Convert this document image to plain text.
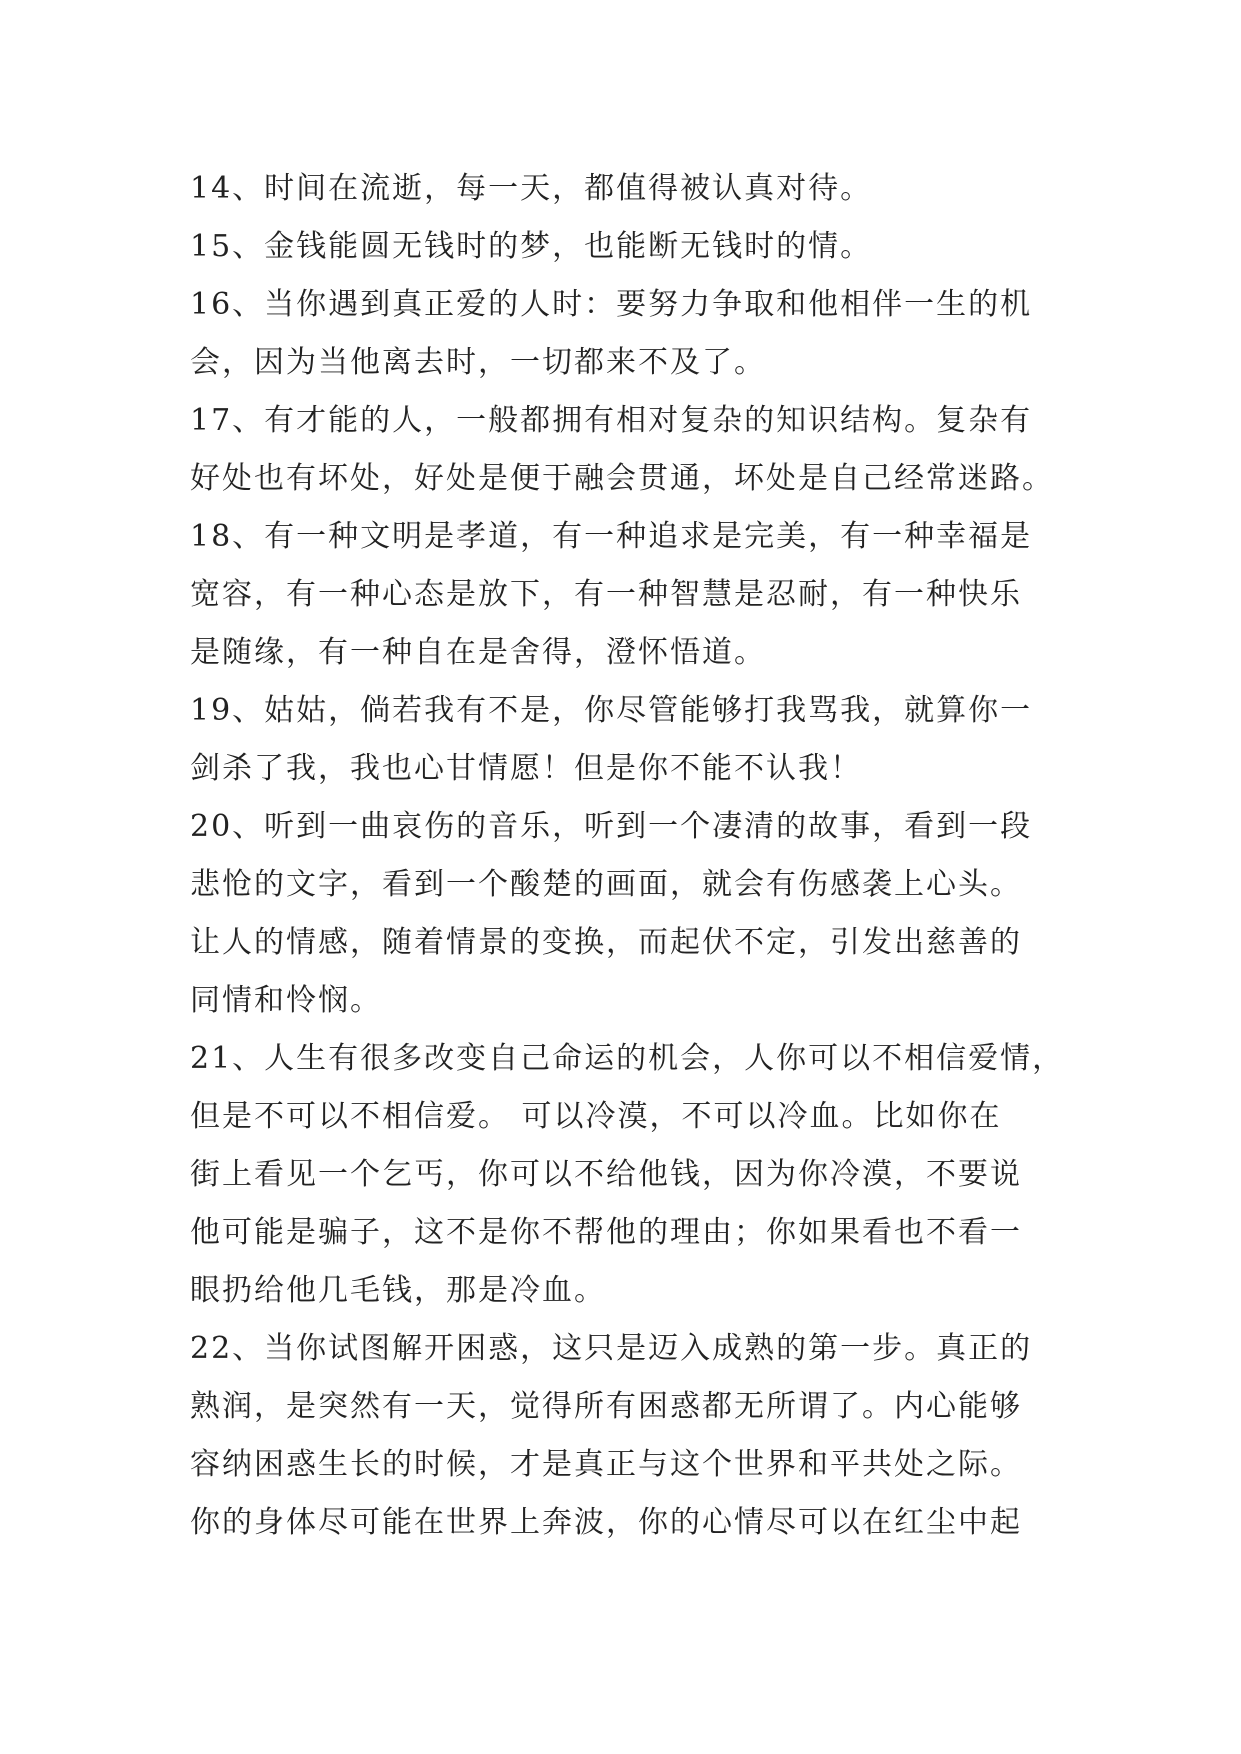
14、时间在流逝，每一天，都值得被认真对待。
15、金钱能圆无钱时的梦，也能断无钱时的情。
16、当你遇到真正爱的人时：要努力争取和他相伴一生的机
会，因为当他离去时，一切都来不及了。
17、有才能的人，一般都拥有相对复杂的知识结构。复杂有
好处也有坏处，好处是便于融会贯通，坏处是自己经常迷路。
18、有一种文明是孝道，有一种追求是完美，有一种幸福是
宽容，有一种心态是放下，有一种智慧是忍耐，有一种快乐
是随缘，有一种自在是舍得，澄怀悟道。
19、姑姑，倘若我有不是，你尽管能够打我骂我，就算你一
剑杀了我，我也心甘情愿！但是你不能不认我！
20、听到一曲哀伤的音乐，听到一个凄清的故事，看到一段
悲怆的文字，看到一个酸楚的画面，就会有伤感袭上心头。
让人的情感，随着情景的变换，而起伏不定，引发出慈善的
同情和怜悯。
21、人生有很多改变自己命运的机会，人你可以不相信爱情，
但是不可以不相信爱。 可以冷漠，不可以冷血。比如你在
街上看见一个乞丐，你可以不给他钱，因为你冷漠，不要说
他可能是骗子，这不是你不帮他的理由；你如果看也不看一
眼扔给他几毛钱，那是冷血。
22、当你试图解开困惑，这只是迈入成熟的第一步。真正的
熟润，是突然有一天，觉得所有困惑都无所谓了。内心能够
容纳困惑生长的时候，才是真正与这个世界和平共处之际。
你的身体尽可能在世界上奔波，你的心情尽可以在红尘中起
